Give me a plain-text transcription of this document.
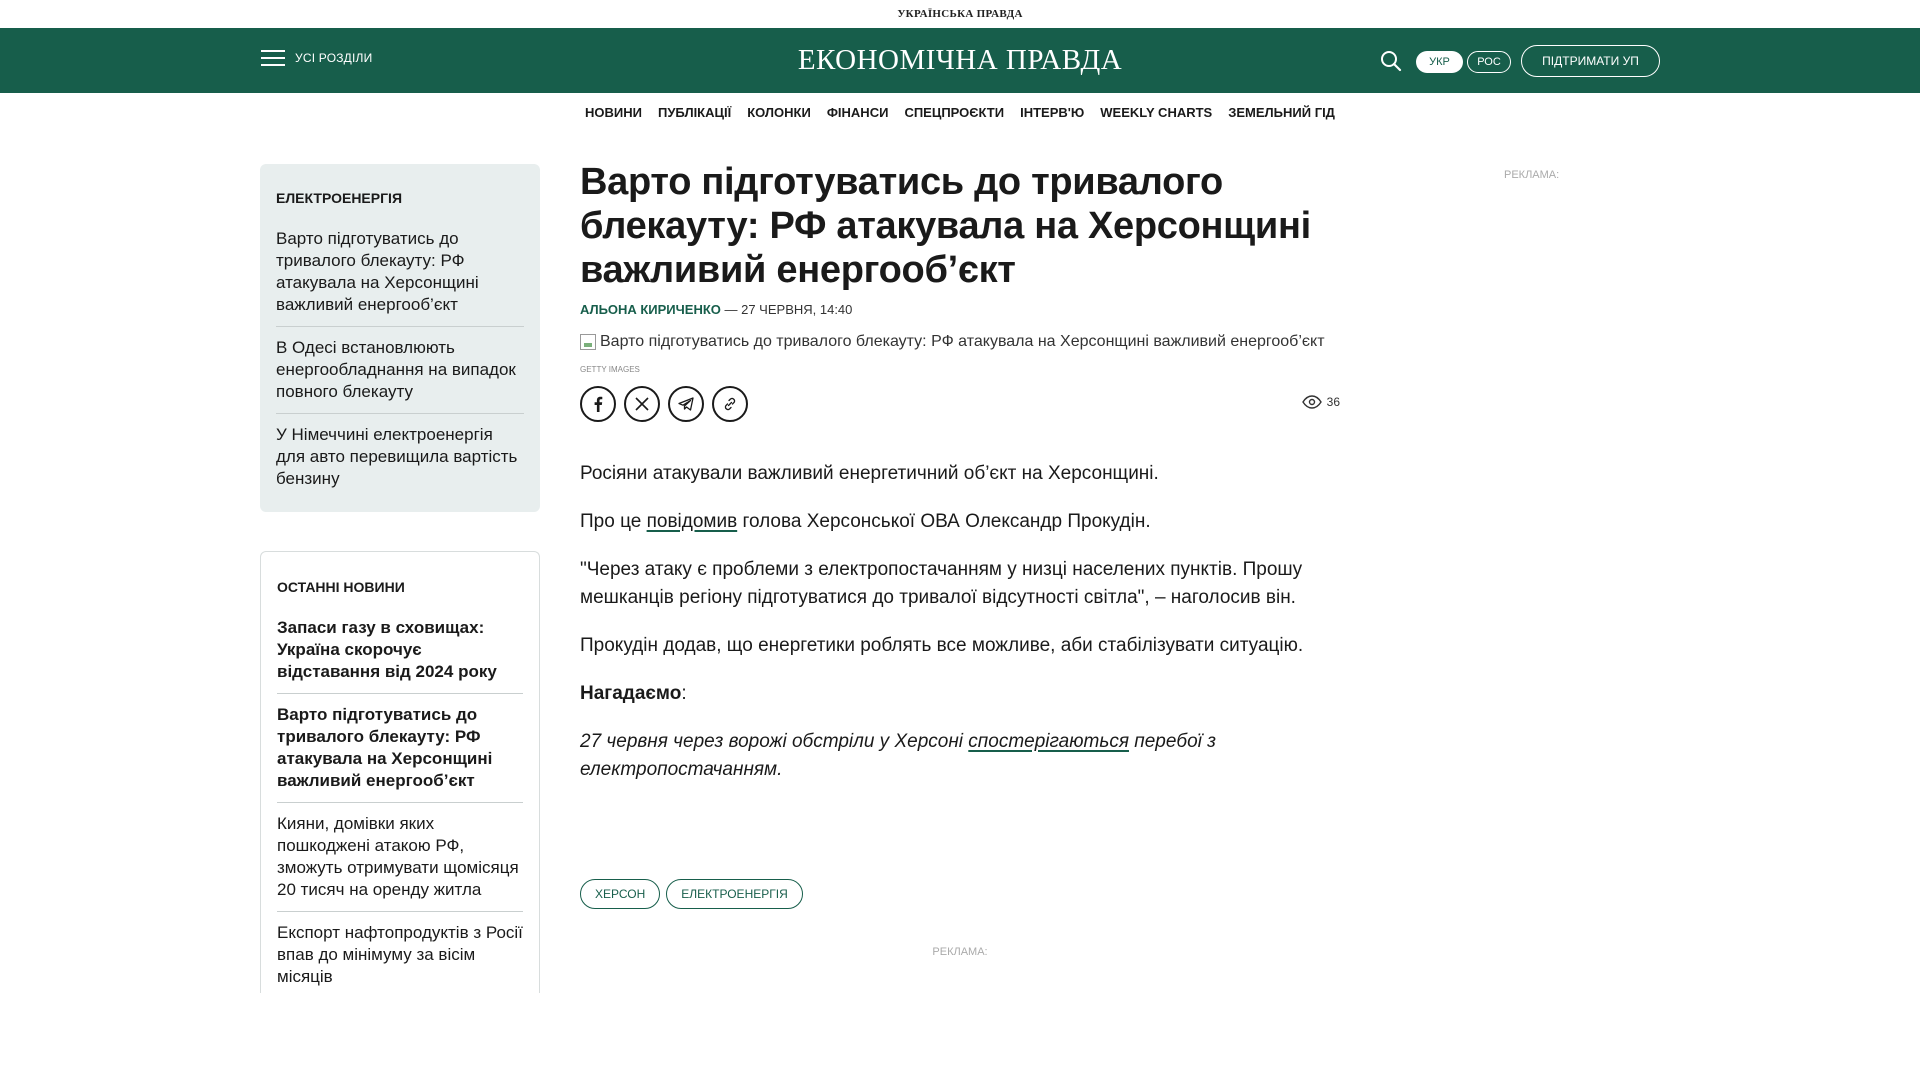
УКРАЇНСЬКА ПРАВДА
УСІ РОЗДІЛИ	ЕКОНОМІЧНА ПРАВДА	УКР	РОС	ПІДТРИМАТИ УП
НОВИНИ ПУБЛІКАЦІЇ КОЛОНКИ ФІНАНСИ СПЕЦПРОЄКТИ ІНТЕРВ'Ю WEEKLY CHARTS ЗЕМЕЛЬНИЙ ГІД
ЕЛЕКТРОЕНЕРГІЯ
Варто підготуватись до тривалого блекауту: РФ атакувала на Херсонщині важливий енергооб’єкт
В Одесі встановлюють енергообладнання на випадок повного блекауту
У Німеччині електроенергія для авто перевищила вартість бензину
ОСТАННІ НОВИНИ
Запаси газу в сховищах: Україна скорочує відставання від 2024 року
Варто підготуватись до тривалого блекауту: РФ атакувала на Херсонщині важливий енергооб’єкт
Кияни, домівки яких пошкоджені атакою РФ, зможуть отримувати щомісяця 20 тисяч на оренду житла
Експорт нафтопродуктів з Росії впав до мінімуму за вісім місяців
Варто підготуватись до тривалого блекауту: РФ атакувала на Херсонщині важливий енергооб’єкт
АЛЬОНА КИРИЧЕНКО — 27 ЧЕРВНЯ, 14:40
Варто підготуватись до тривалого блекауту: РФ атакувала на Херсонщині важливий енергооб’єкт
GETTY IMAGES
36

Росіяни атакували важливий енергетичний об’єкт на Херсонщині.

Про це повідомив голова Херсонської ОВА Олександр Прокудін.

"Через атаку є проблеми з електропостачанням у низці населених пунктів. Прошу мешканців регіону підготуватися до тривалої відсутності світла", – наголосив він.

Прокудін додав, що енергетики роблять все можливе, аби стабілізувати ситуацію.

Нагадаємо:

27 червня через ворожі обстріли у Херсоні спостерігаються перебої з електропостачанням.

ХЕРСОН	ЕЛЕКТРОЕНЕРГІЯ
РЕКЛАМА:
РЕКЛАМА:
